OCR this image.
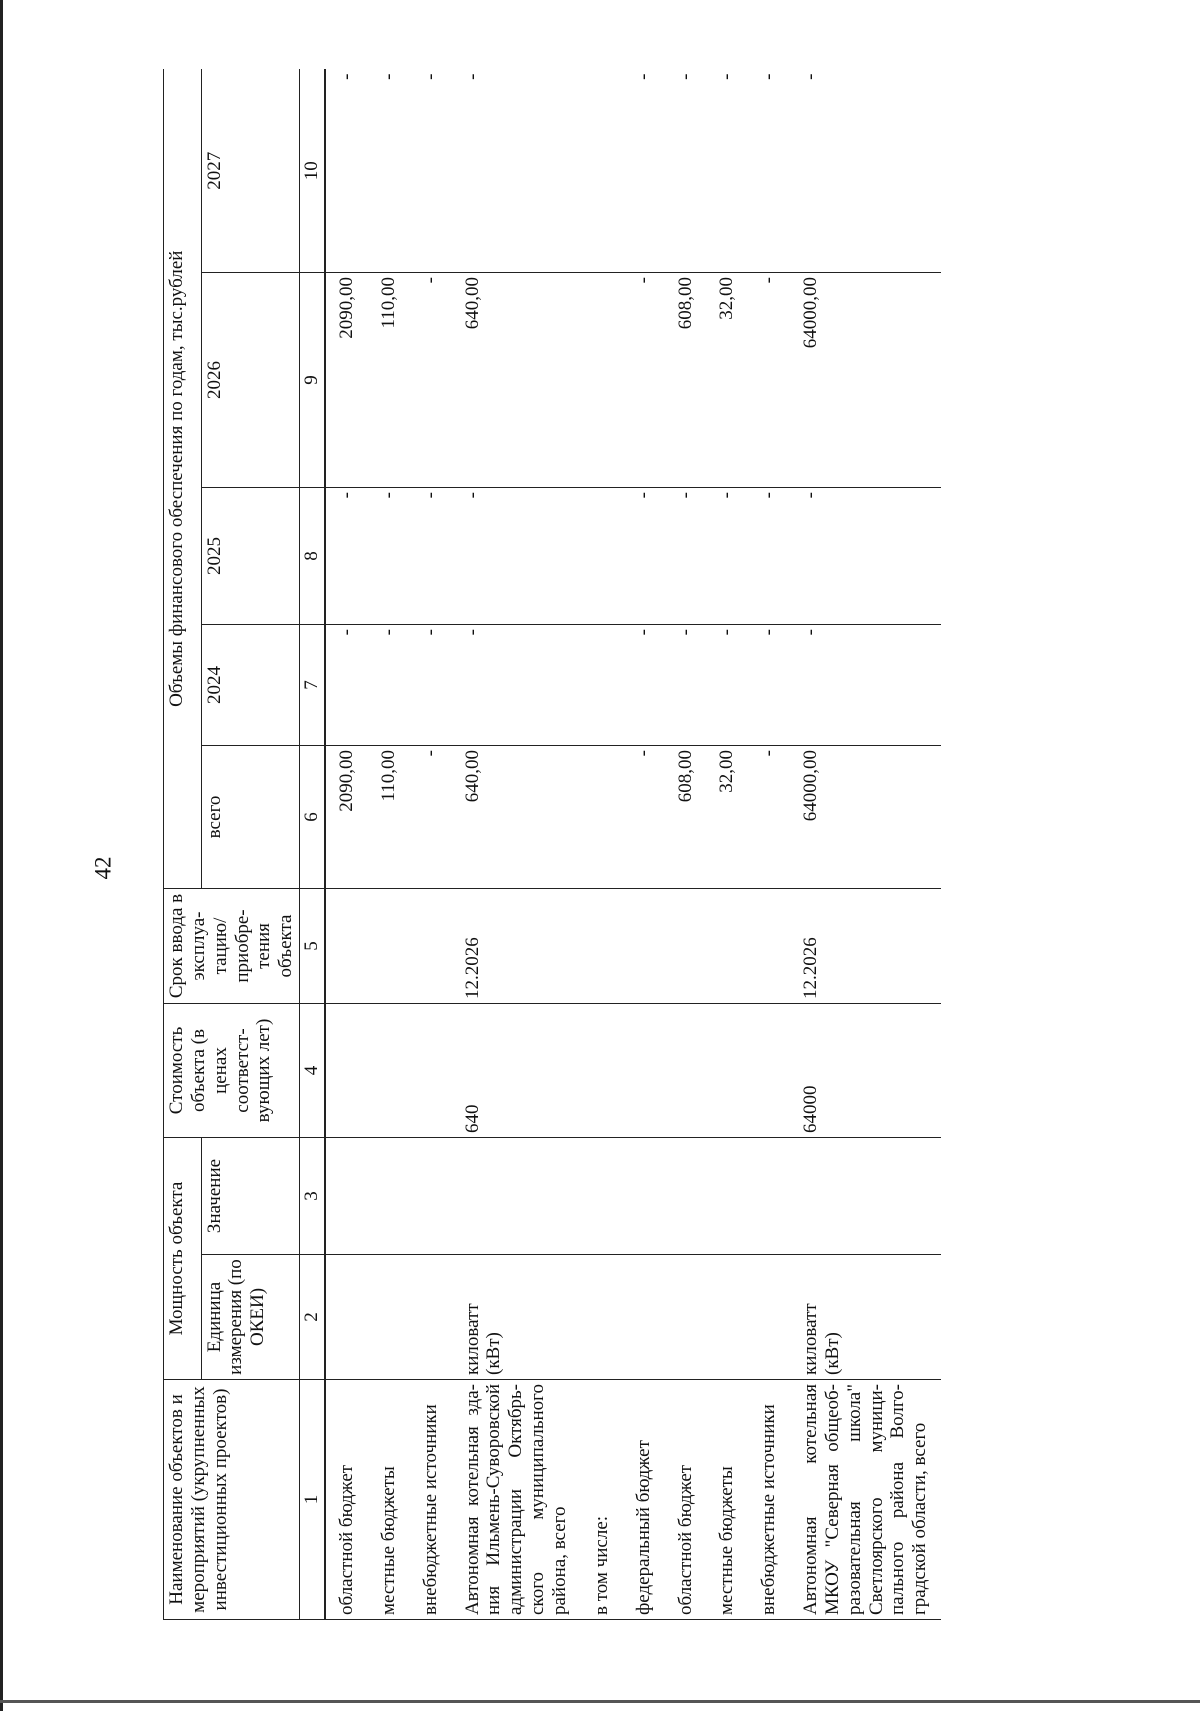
42
Наименование объектов и мероприятий (укрупненных инвестиционных проектов)	Мощность объекта		Стоимость объекта (в ценах соответст-вующих лет)	Срок ввода в эксплуа-тацию/ приобре-тения объекта	Объемы финансового обеспечения по годам, тыс.рублей				
	Единица измерения (по ОКЕИ)	Значение			всего	2024	2025	2026	2027
1	2	3	4	5	6	7	8	9	10
областной бюджет					2090,00	-	-	2090,00	-
местные бюджеты					110,00	-	-	110,00	-
внебюджетные источники					-	-	-	-	-
Автономная котельная зда-ния Ильмень-Суворовской администрации Октябрь-ского муниципального района, всего	киловатт (кВт)		640	12.2026	640,00	-	-	640,00	-
в том числе:									
федеральный бюджет					-	-	-	-	-
областной бюджет					608,00	-	-	608,00	-
местные бюджеты					32,00	-	-	32,00	-
внебюджетные источники					-	-	-	-	-
Автономная котельная МКОУ "Северная общеоб-разовательная школа" Светлоярского муници-пального района Волго-градской области, всего	киловатт (кВт)		64000	12.2026	64000,00	-	-	64000,00	-
